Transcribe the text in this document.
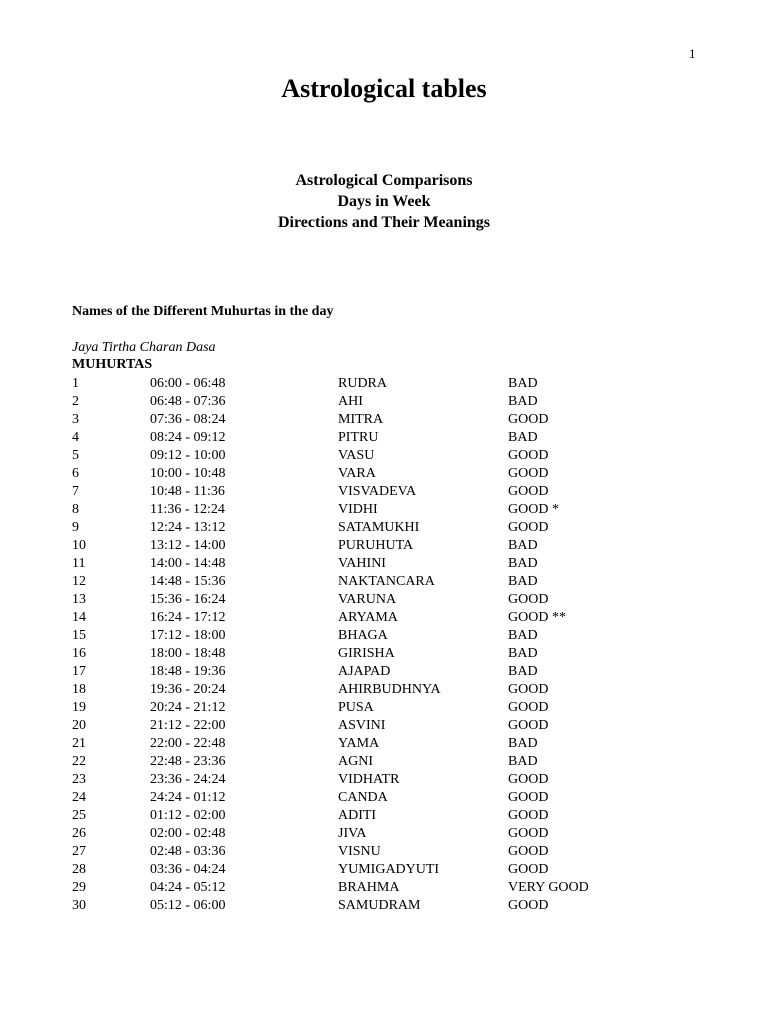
1
Astrological tables
Astrological Comparisons
Days in Week
Directions and Their Meanings
Names of the Different Muhurtas in the day
Jaya Tirtha Charan Dasa
MUHURTAS
1	06:00 - 06:48	RUDRA	BAD
2	06:48 - 07:36	AHI	BAD
3	07:36 - 08:24	MITRA	GOOD
4	08:24 - 09:12	PITRU	BAD
5	09:12 - 10:00	VASU	GOOD
6	10:00 - 10:48	VARA	GOOD
7	10:48 - 11:36	VISVADEVA	GOOD
8	11:36 - 12:24	VIDHI	GOOD *
9	12:24 - 13:12	SATAMUKHI	GOOD
10	13:12 - 14:00	PURUHUTA	BAD
11	14:00 - 14:48	VAHINI	BAD
12	14:48 - 15:36	NAKTANCARA	BAD
13	15:36 - 16:24	VARUNA	GOOD
14	16:24 - 17:12	ARYAMA	GOOD **
15	17:12 - 18:00	BHAGA	BAD
16	18:00 - 18:48	GIRISHA	BAD
17	18:48 - 19:36	AJAPAD	BAD
18	19:36 - 20:24	AHIRBUDHNYA	GOOD
19	20:24 - 21:12	PUSA	GOOD
20	21:12 - 22:00	ASVINI	GOOD
21	22:00 - 22:48	YAMA	BAD
22	22:48 - 23:36	AGNI	BAD
23	23:36 - 24:24	VIDHATR	GOOD
24	24:24 - 01:12	CANDA	GOOD
25	01:12 - 02:00	ADITI	GOOD
26	02:00 - 02:48	JIVA	GOOD
27	02:48 - 03:36	VISNU	GOOD
28	03:36 - 04:24	YUMIGADYUTI	GOOD
29	04:24 - 05:12	BRAHMA	VERY GOOD
30	05:12 - 06:00	SAMUDRAM	GOOD
